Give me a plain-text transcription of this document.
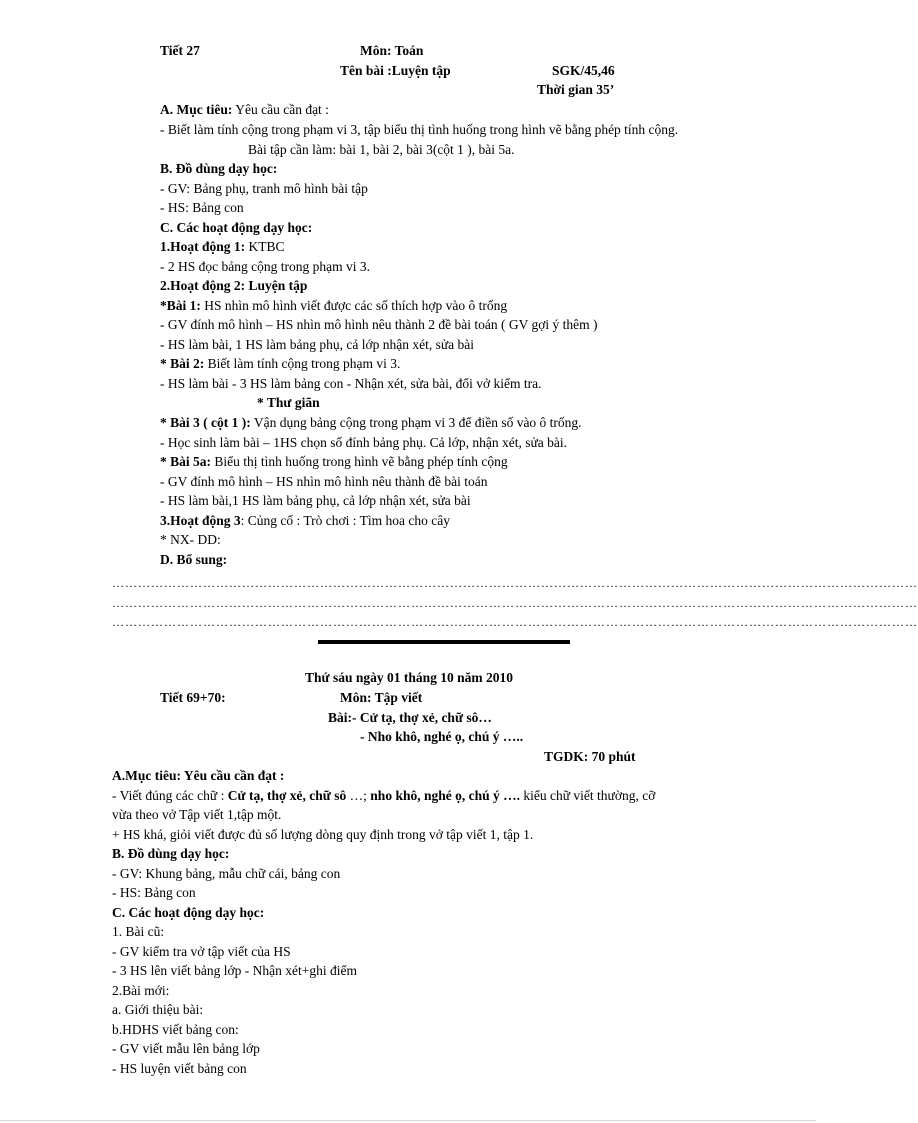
Tiết 27	Môn: Toán
Tên bài :Luyện tập	SGK/45,46
Thời gian 35’
A. Mục tiêu: Yêu cầu cần đạt :
- Biết làm tính cộng trong phạm vi 3, tập biểu thị tình huống trong hình vẽ bằng phép tính cộng.
Bài tập cần làm: bài 1, bài 2, bài 3(cột 1 ), bài 5a.
B. Đồ dùng dạy học:
- GV: Bảng phụ, tranh mô hình bài tập
- HS: Bảng con
C. Các hoạt động dạy học:
1.Hoạt động 1: KTBC
- 2 HS đọc bảng cộng trong phạm vi 3.
2.Hoạt động 2: Luyện tập
*Bài 1: HS nhìn mô hình viết được các số thích hợp vào ô trống
- GV đính mô hình – HS nhìn mô hình nêu thành 2 đề bài toán ( GV gợi ý thêm )
- HS làm bài, 1 HS làm bảng phụ, cả lớp nhận xét, sửa bài
* Bài 2: Biết làm tính cộng trong phạm vi 3.
- HS làm bài - 3 HS làm bảng con - Nhận xét, sửa bài, đổi vở kiểm tra.
* Thư giãn
* Bài 3 ( cột 1 ): Vận dụng bảng cộng trong phạm vi 3 để điền số vào ô trống.
- Học sinh làm bài – 1HS chọn số đính bảng phụ. Cả lớp, nhận xét, sửa bài.
* Bài 5a: Biểu thị tình huống trong hình vẽ bằng phép tính cộng
- GV đính mô hình – HS nhìn mô hình nêu thành đề bài toán
- HS làm bài,1 HS làm bảng phụ, cả lớp nhận xét, sửa bài
3.Hoạt động 3: Củng cố : Trò chơi : Tìm hoa cho cây
* NX- DD:
D. Bổ sung:
……………………………………………………………………………………………………………………………………………………………………
……………………………………………………………………………………………………………………………………………………………………
……………………………………………………………………………………………………………………………………………………………………
Thứ sáu ngày 01 tháng 10 năm 2010
Tiết 69+70:	Môn: Tập viết
Bài:- Cử tạ, thợ xẻ, chữ sô…
- Nho khô, nghé ọ, chú ý …..
TGDK: 70 phút
A.Mục tiêu: Yêu cầu cần đạt :
- Viết đúng các chữ : Cử tạ, thợ xẻ, chữ sô …; nho khô, nghé ọ, chú ý …. kiểu chữ viết thường, cỡ
vừa theo vở Tập viết 1,tập một.
+ HS khá, giỏi viết được đủ số lượng dòng quy định trong vở tập viết 1, tập 1.
B. Đồ dùng dạy học:
- GV: Khung bảng, mẫu chữ cái, bảng con
- HS: Bảng con
C. Các hoạt động dạy học:
1. Bài cũ:
- GV kiểm tra vở tập viết của HS
- 3 HS lên viết bảng lớp - Nhận xét+ghi điểm
2.Bài mới:
a. Giới thiệu bài:
b.HDHS viết bảng con:
- GV viết mẫu lên bảng lớp
- HS luyện viết bảng con
